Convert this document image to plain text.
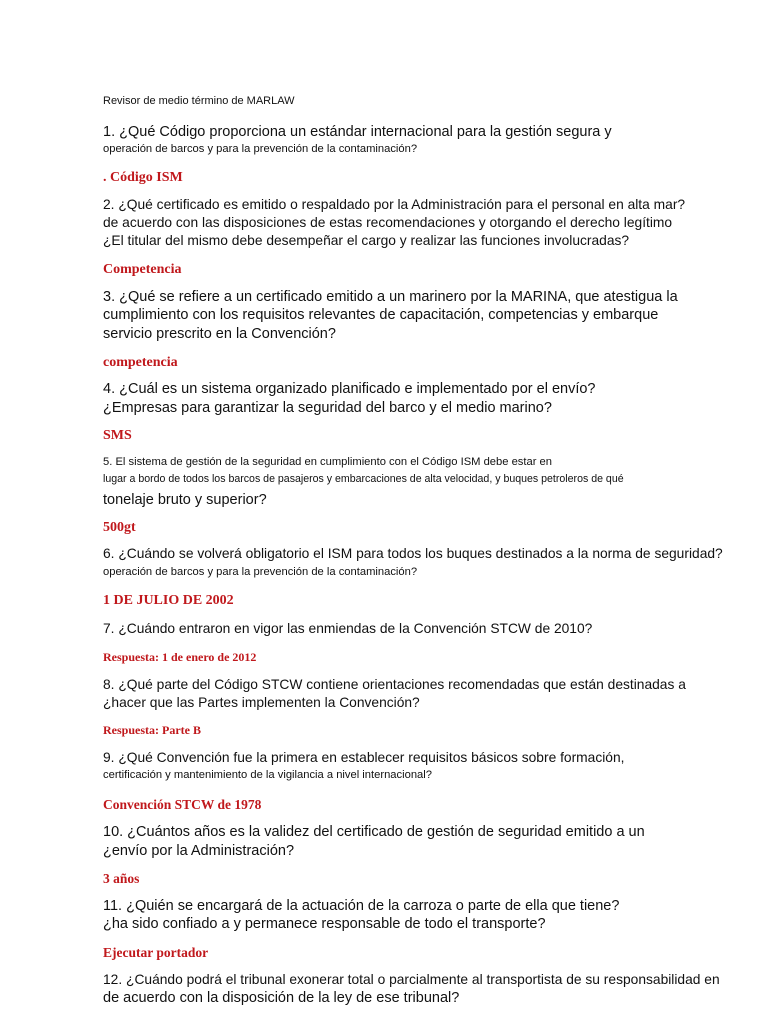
Revisor de medio término de MARLAW
1. ¿Qué Código proporciona un estándar internacional para la gestión segura y
operación de barcos y para la prevención de la contaminación?
. Código ISM
2. ¿Qué certificado es emitido o respaldado por la Administración para el personal en alta mar?
de acuerdo con las disposiciones de estas recomendaciones y otorgando el derecho legítimo
¿El titular del mismo debe desempeñar el cargo y realizar las funciones involucradas?
Competencia
3. ¿Qué se refiere a un certificado emitido a un marinero por la MARINA, que atestigua la
cumplimiento con los requisitos relevantes de capacitación, competencias y embarque
servicio prescrito en la Convención?
competencia
4. ¿Cuál es un sistema organizado planificado e implementado por el envío?
¿Empresas para garantizar la seguridad del barco y el medio marino?
SMS
5. El sistema de gestión de la seguridad en cumplimiento con el Código ISM debe estar en
lugar a bordo de todos los barcos de pasajeros y embarcaciones de alta velocidad, y buques petroleros de qué
tonelaje bruto y superior?
500gt
6. ¿Cuándo se volverá obligatorio el ISM para todos los buques destinados a la norma de seguridad?
operación de barcos y para la prevención de la contaminación?
1 DE JULIO DE 2002
7. ¿Cuándo entraron en vigor las enmiendas de la Convención STCW de 2010?
Respuesta: 1 de enero de 2012
8. ¿Qué parte del Código STCW contiene orientaciones recomendadas que están destinadas a
¿hacer que las Partes implementen la Convención?
Respuesta: Parte B
9. ¿Qué Convención fue la primera en establecer requisitos básicos sobre formación,
certificación y mantenimiento de la vigilancia a nivel internacional?
Convención STCW de 1978
10. ¿Cuántos años es la validez del certificado de gestión de seguridad emitido a un
¿envío por la Administración?
3 años
11. ¿Quién se encargará de la actuación de la carroza o parte de ella que tiene?
¿ha sido confiado a y permanece responsable de todo el transporte?
Ejecutar portador
12. ¿Cuándo podrá el tribunal exonerar total o parcialmente al transportista de su responsabilidad en
de acuerdo con la disposición de la ley de ese tribunal?
